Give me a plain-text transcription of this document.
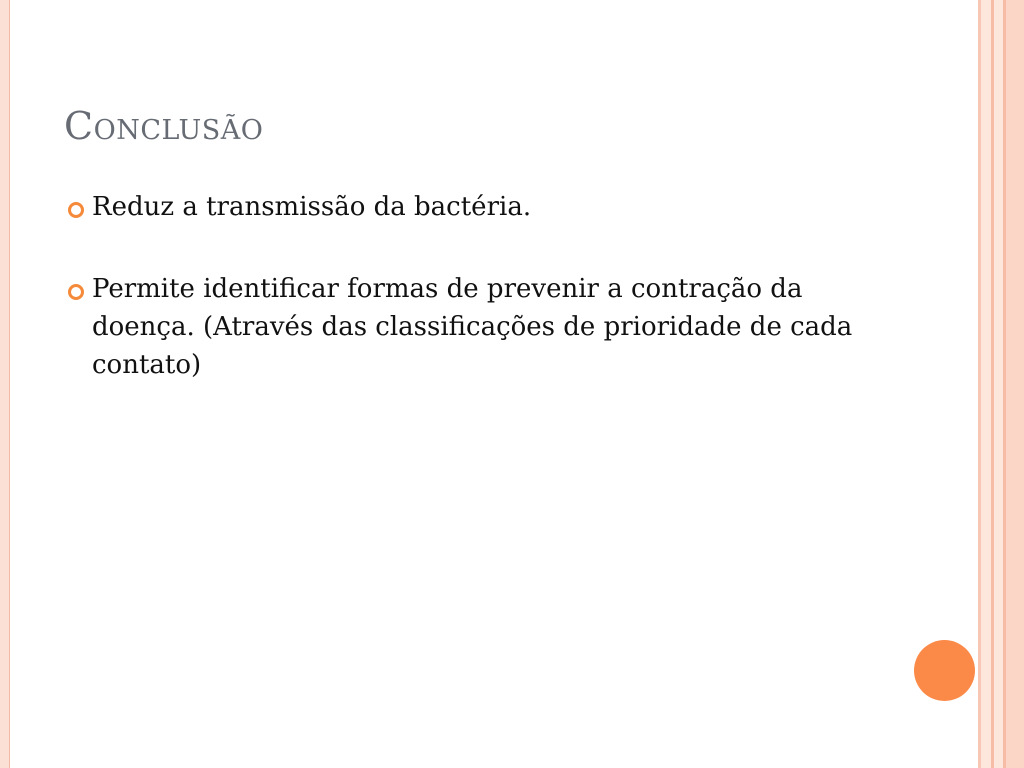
Conclusão
Reduz a transmissão da bactéria.
Permite identificar formas de prevenir a contração da doença. (Através das classificações de prioridade de cada contato)
